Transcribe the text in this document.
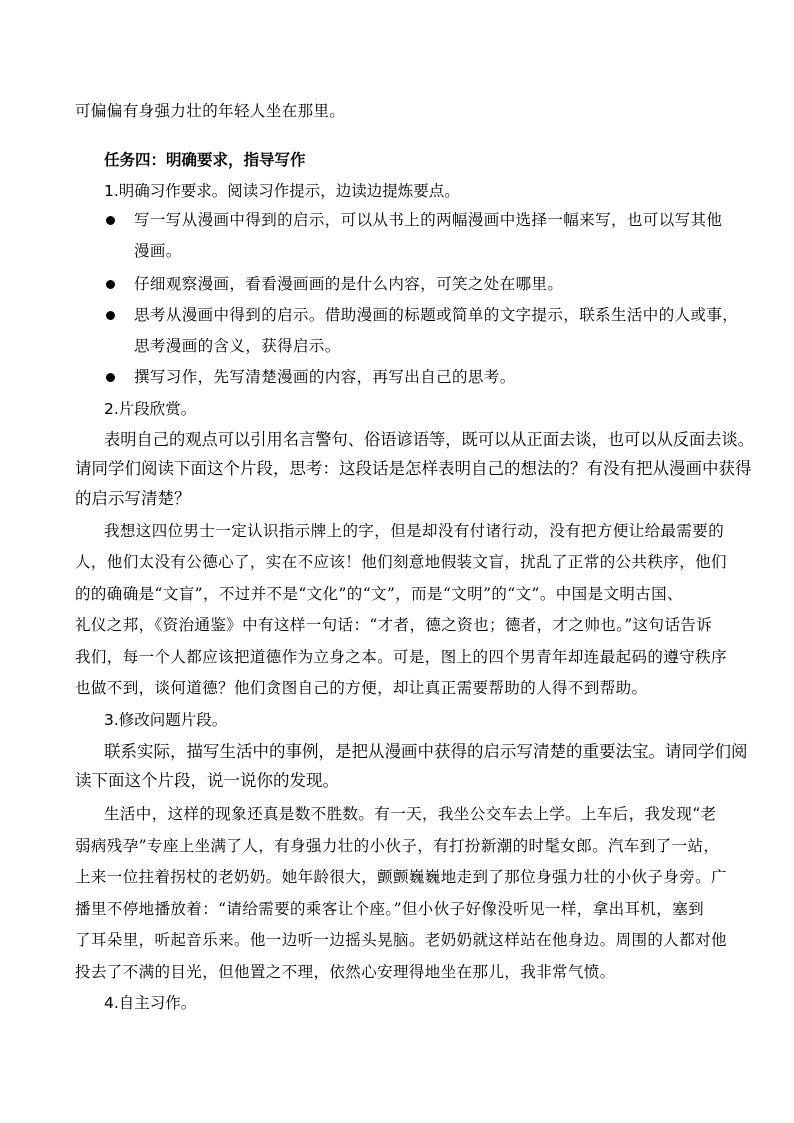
可偏偏有身强力壮的年轻人坐在那里。
任务四：明确要求，指导写作
1.明确习作要求。阅读习作提示，边读边提炼要点。
写一写从漫画中得到的启示，可以从书上的两幅漫画中选择一幅来写，也可以写其他
漫画。
仔细观察漫画，看看漫画画的是什么内容，可笑之处在哪里。
思考从漫画中得到的启示。借助漫画的标题或简单的文字提示，联系生活中的人或事，
思考漫画的含义，获得启示。
撰写习作，先写清楚漫画的内容，再写出自己的思考。
2.片段欣赏。
表明自己的观点可以引用名言警句、俗语谚语等，既可以从正面去谈，也可以从反面去谈。
请同学们阅读下面这个片段，思考：这段话是怎样表明自己的想法的？有没有把从漫画中获得
的启示写清楚？
我想这四位男士一定认识指示牌上的字，但是却没有付诸行动，没有把方便让给最需要的
人，他们太没有公德心了，实在不应该！他们刻意地假装文盲，扰乱了正常的公共秩序，他们
的的确确是“文盲”，不过并不是“文化”的“文”，而是“文明”的“文”。中国是文明古国、
礼仪之邦，《资治通鉴》中有这样一句话：“才者，德之资也；德者，才之帅也。”这句话告诉
我们，每一个人都应该把道德作为立身之本。可是，图上的四个男青年却连最起码的遵守秩序
也做不到，谈何道德？他们贪图自己的方便，却让真正需要帮助的人得不到帮助。
3.修改问题片段。
联系实际，描写生活中的事例，是把从漫画中获得的启示写清楚的重要法宝。请同学们阅
读下面这个片段，说一说你的发现。
生活中，这样的现象还真是数不胜数。有一天，我坐公交车去上学。上车后，我发现“老
弱病残孕”专座上坐满了人，有身强力壮的小伙子，有打扮新潮的时髦女郎。汽车到了一站，
上来一位拄着拐杖的老奶奶。她年龄很大，颤颤巍巍地走到了那位身强力壮的小伙子身旁。广
播里不停地播放着：“请给需要的乘客让个座。”但小伙子好像没听见一样，拿出耳机，塞到
了耳朵里，听起音乐来。他一边听一边摇头晃脑。老奶奶就这样站在他身边。周围的人都对他
投去了不满的目光，但他置之不理，依然心安理得地坐在那儿，我非常气愤。
4.自主习作。
